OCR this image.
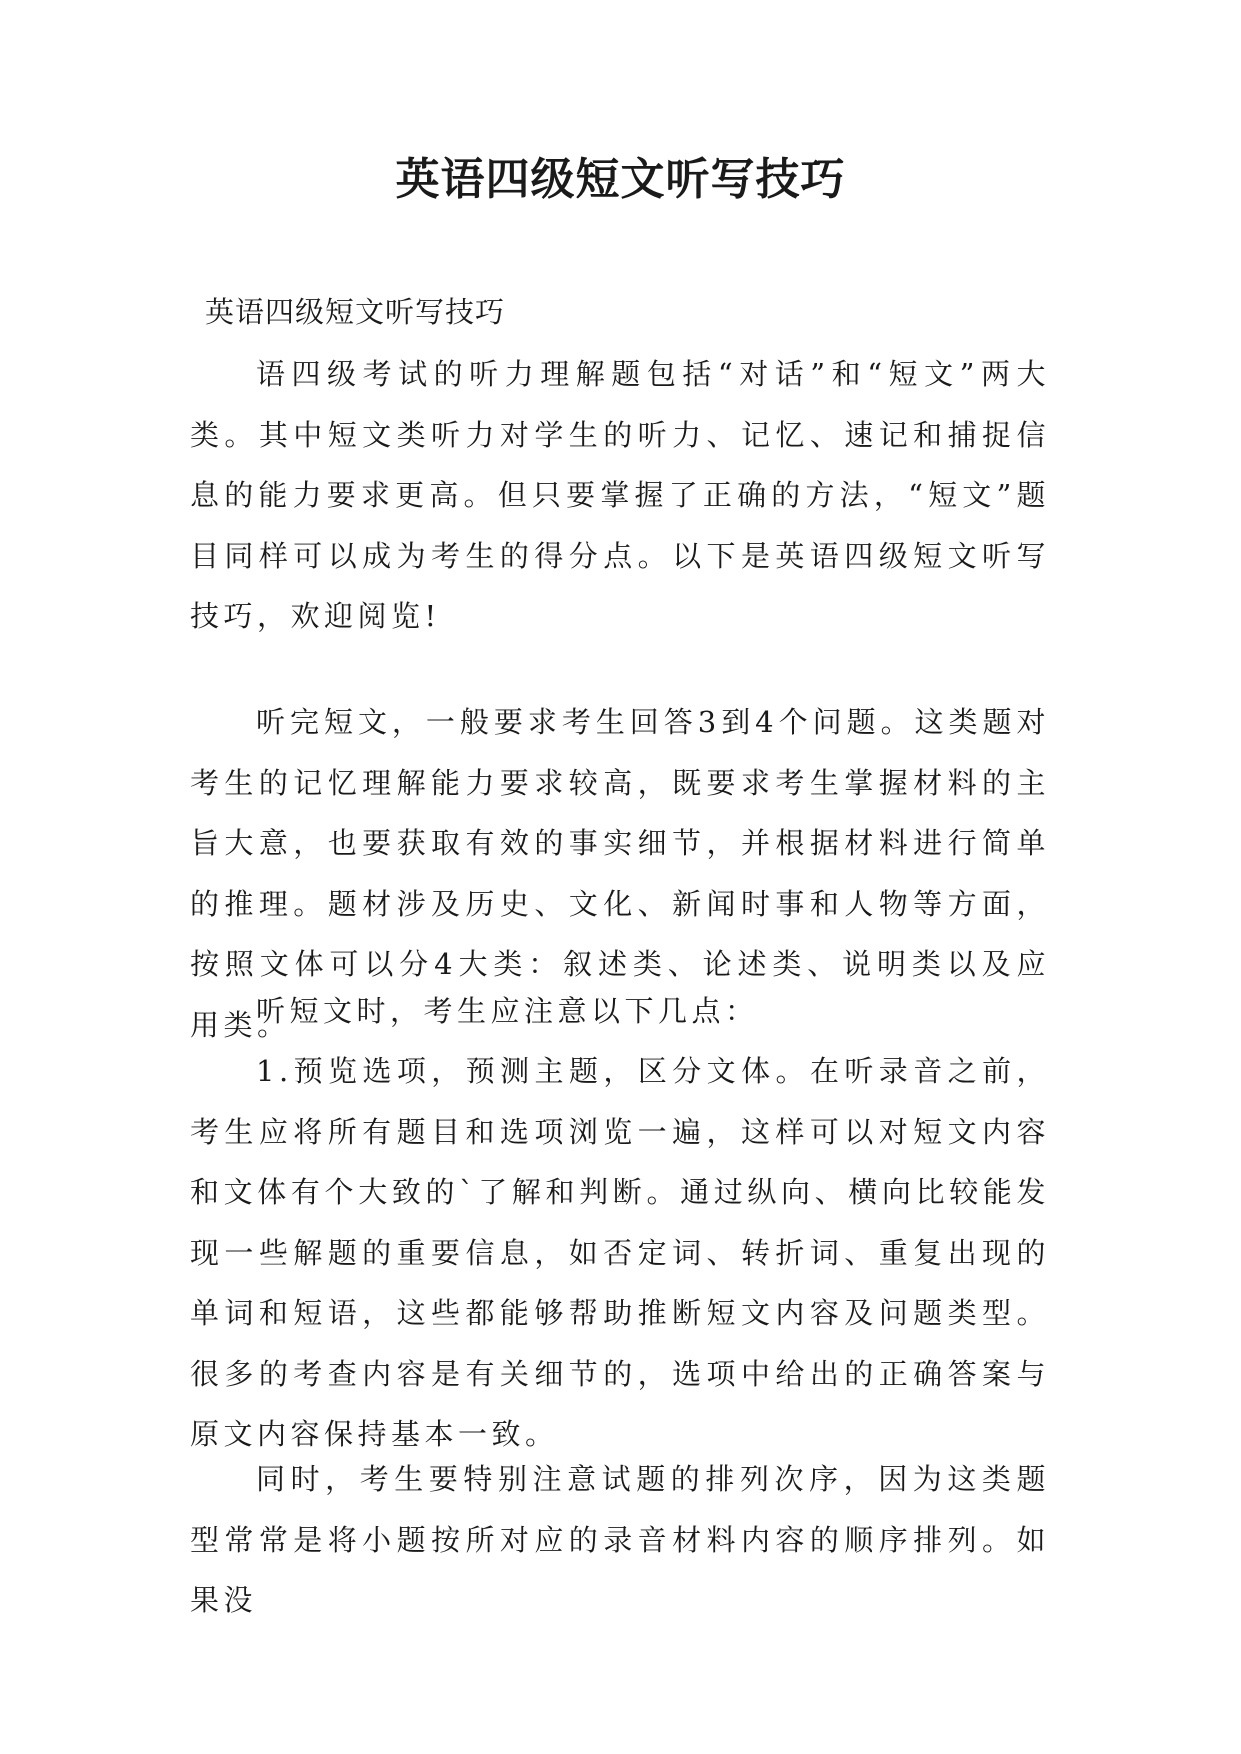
英语四级短文听写技巧

英语四级短文听写技巧

语四级考试的听力理解题包括“对话”和“短文”两大类。其中短文类听力对学生的听力、记忆、速记和捕捉信息的能力要求更高。但只要掌握了正确的方法，“短文”题目同样可以成为考生的得分点。以下是英语四级短文听写技巧，欢迎阅览!

听完短文，一般要求考生回答3到4个问题。这类题对考生的记忆理解能力要求较高，既要求考生掌握材料的主旨大意，也要获取有效的事实细节，并根据材料进行简单的推理。题材涉及历史、文化、新闻时事和人物等方面，按照文体可以分4大类：叙述类、论述类、说明类以及应用类。

听短文时，考生应注意以下几点：

1.预览选项，预测主题，区分文体。在听录音之前，考生应将所有题目和选项浏览一遍，这样可以对短文内容和文体有个大致的`了解和判断。通过纵向、横向比较能发现一些解题的重要信息，如否定词、转折词、重复出现的单词和短语，这些都能够帮助推断短文内容及问题类型。很多的考查内容是有关细节的，选项中给出的正确答案与原文内容保持基本一致。

同时，考生要特别注意试题的排列次序，因为这类题型常常是将小题按所对应的录音材料内容的顺序排列。如果没
